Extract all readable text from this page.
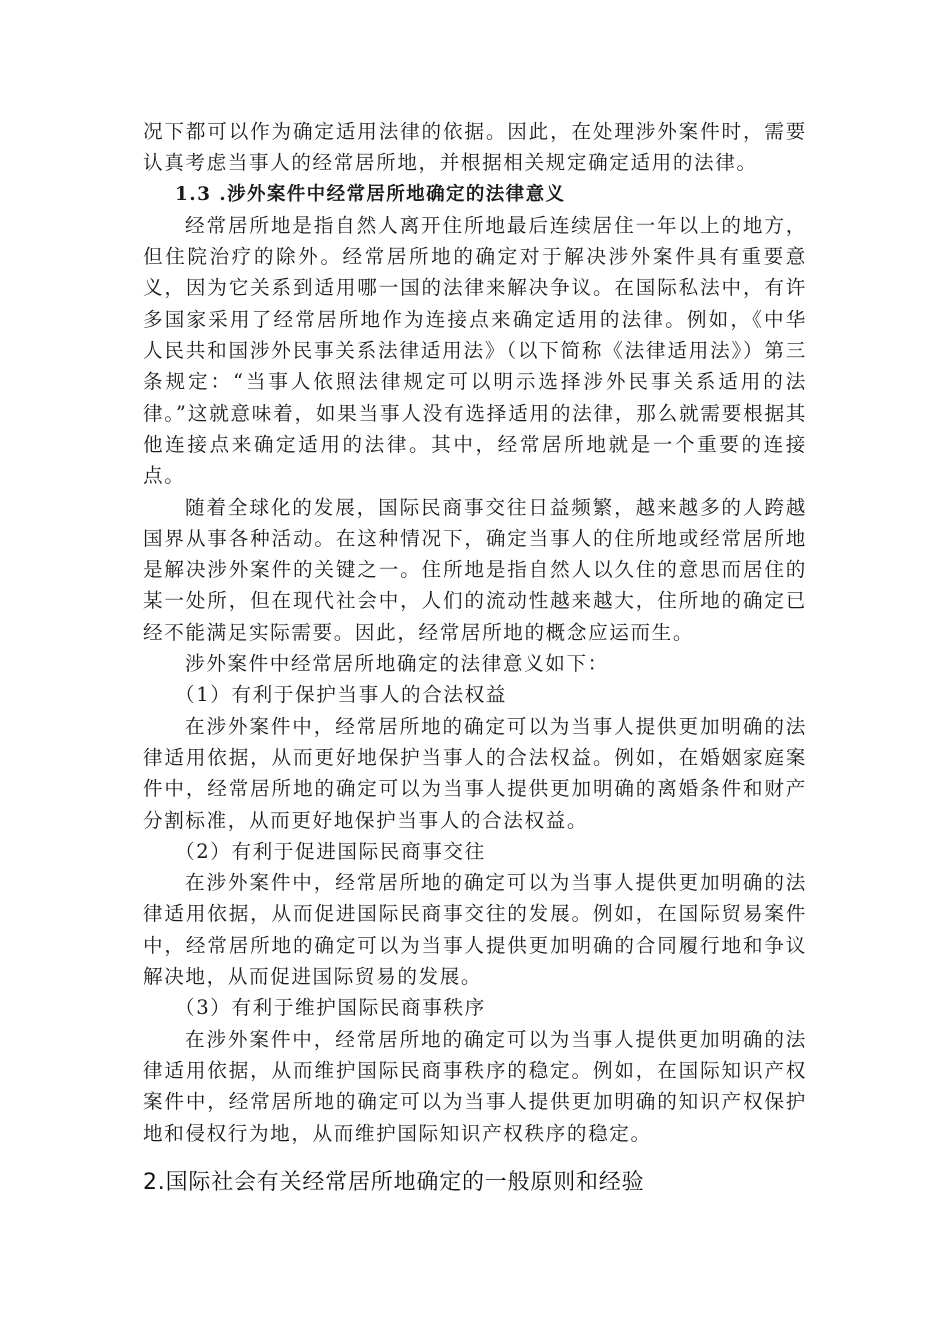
况下都可以作为确定适用法律的依据。因此，在处理涉外案件时，需要认真考虑当事人的经常居所地，并根据相关规定确定适用的法律。

1.3 .涉外案件中经常居所地确定的法律意义

经常居所地是指自然人离开住所地最后连续居住一年以上的地方，但住院治疗的除外。经常居所地的确定对于解决涉外案件具有重要意义，因为它关系到适用哪一国的法律来解决争议。在国际私法中，有许多国家采用了经常居所地作为连接点来确定适用的法律。例如，《中华人民共和国涉外民事关系法律适用法》（以下简称《法律适用法》）第三条规定：“当事人依照法律规定可以明示选择涉外民事关系适用的法律。”这就意味着，如果当事人没有选择适用的法律，那么就需要根据其他连接点来确定适用的法律。其中，经常居所地就是一个重要的连接点。

随着全球化的发展，国际民商事交往日益频繁，越来越多的人跨越国界从事各种活动。在这种情况下，确定当事人的住所地或经常居所地是解决涉外案件的关键之一。住所地是指自然人以久住的意思而居住的某一处所，但在现代社会中，人们的流动性越来越大，住所地的确定已经不能满足实际需要。因此，经常居所地的概念应运而生。

涉外案件中经常居所地确定的法律意义如下：

（1）有利于保护当事人的合法权益

在涉外案件中，经常居所地的确定可以为当事人提供更加明确的法律适用依据，从而更好地保护当事人的合法权益。例如，在婚姻家庭案件中，经常居所地的确定可以为当事人提供更加明确的离婚条件和财产分割标准，从而更好地保护当事人的合法权益。

（2）有利于促进国际民商事交往

在涉外案件中，经常居所地的确定可以为当事人提供更加明确的法律适用依据，从而促进国际民商事交往的发展。例如，在国际贸易案件中，经常居所地的确定可以为当事人提供更加明确的合同履行地和争议解决地，从而促进国际贸易的发展。

（3）有利于维护国际民商事秩序

在涉外案件中，经常居所地的确定可以为当事人提供更加明确的法律适用依据，从而维护国际民商事秩序的稳定。例如，在国际知识产权案件中，经常居所地的确定可以为当事人提供更加明确的知识产权保护地和侵权行为地，从而维护国际知识产权秩序的稳定。

2.国际社会有关经常居所地确定的一般原则和经验
